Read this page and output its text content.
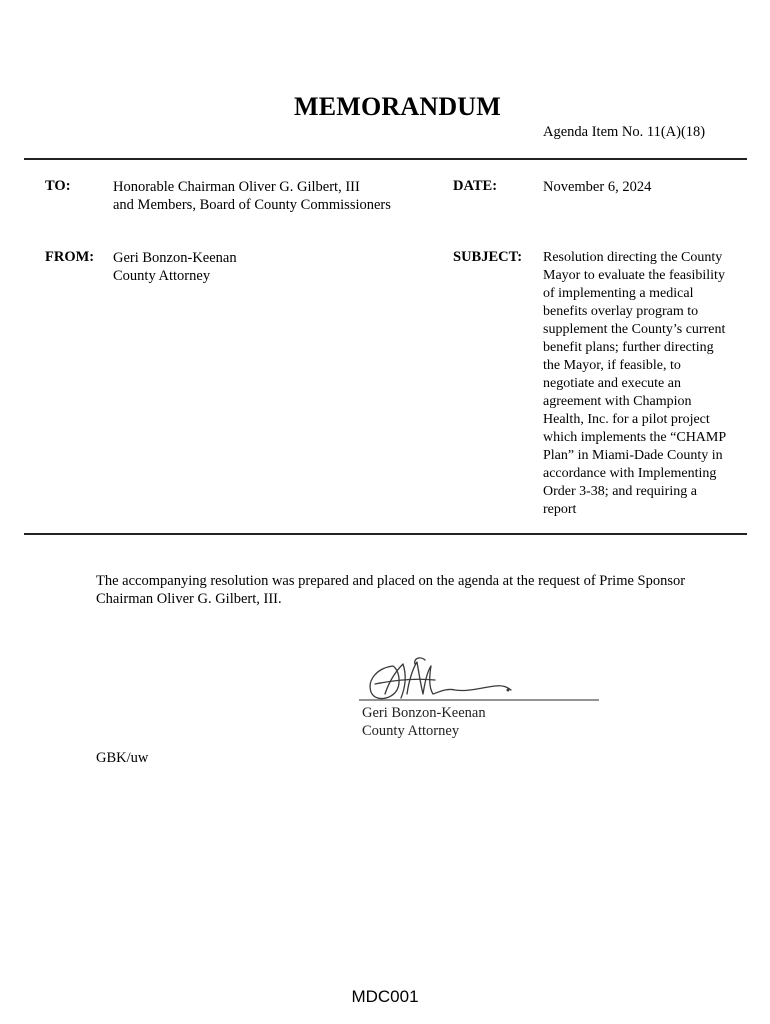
MEMORANDUM
Agenda Item No. 11(A)(18)
TO:	Honorable Chairman Oliver G. Gilbert, III
and Members, Board of County Commissioners
DATE:	November 6, 2024
FROM: Geri Bonzon-Keenan
County Attorney
SUBJECT: Resolution directing the County
Mayor to evaluate the feasibility
of implementing a medical
benefits overlay program to
supplement the County’s current
benefit plans; further directing
the Mayor, if feasible, to
negotiate and execute an
agreement with Champion
Health, Inc. for a pilot project
which implements the “CHAMP
Plan” in Miami-Dade County in
accordance with Implementing
Order 3-38; and requiring a
report
The accompanying resolution was prepared and placed on the agenda at the request of Prime Sponsor
Chairman Oliver G. Gilbert, III.
Geri Bonzon-Keenan
County Attorney
GBK/uw
MDC001
